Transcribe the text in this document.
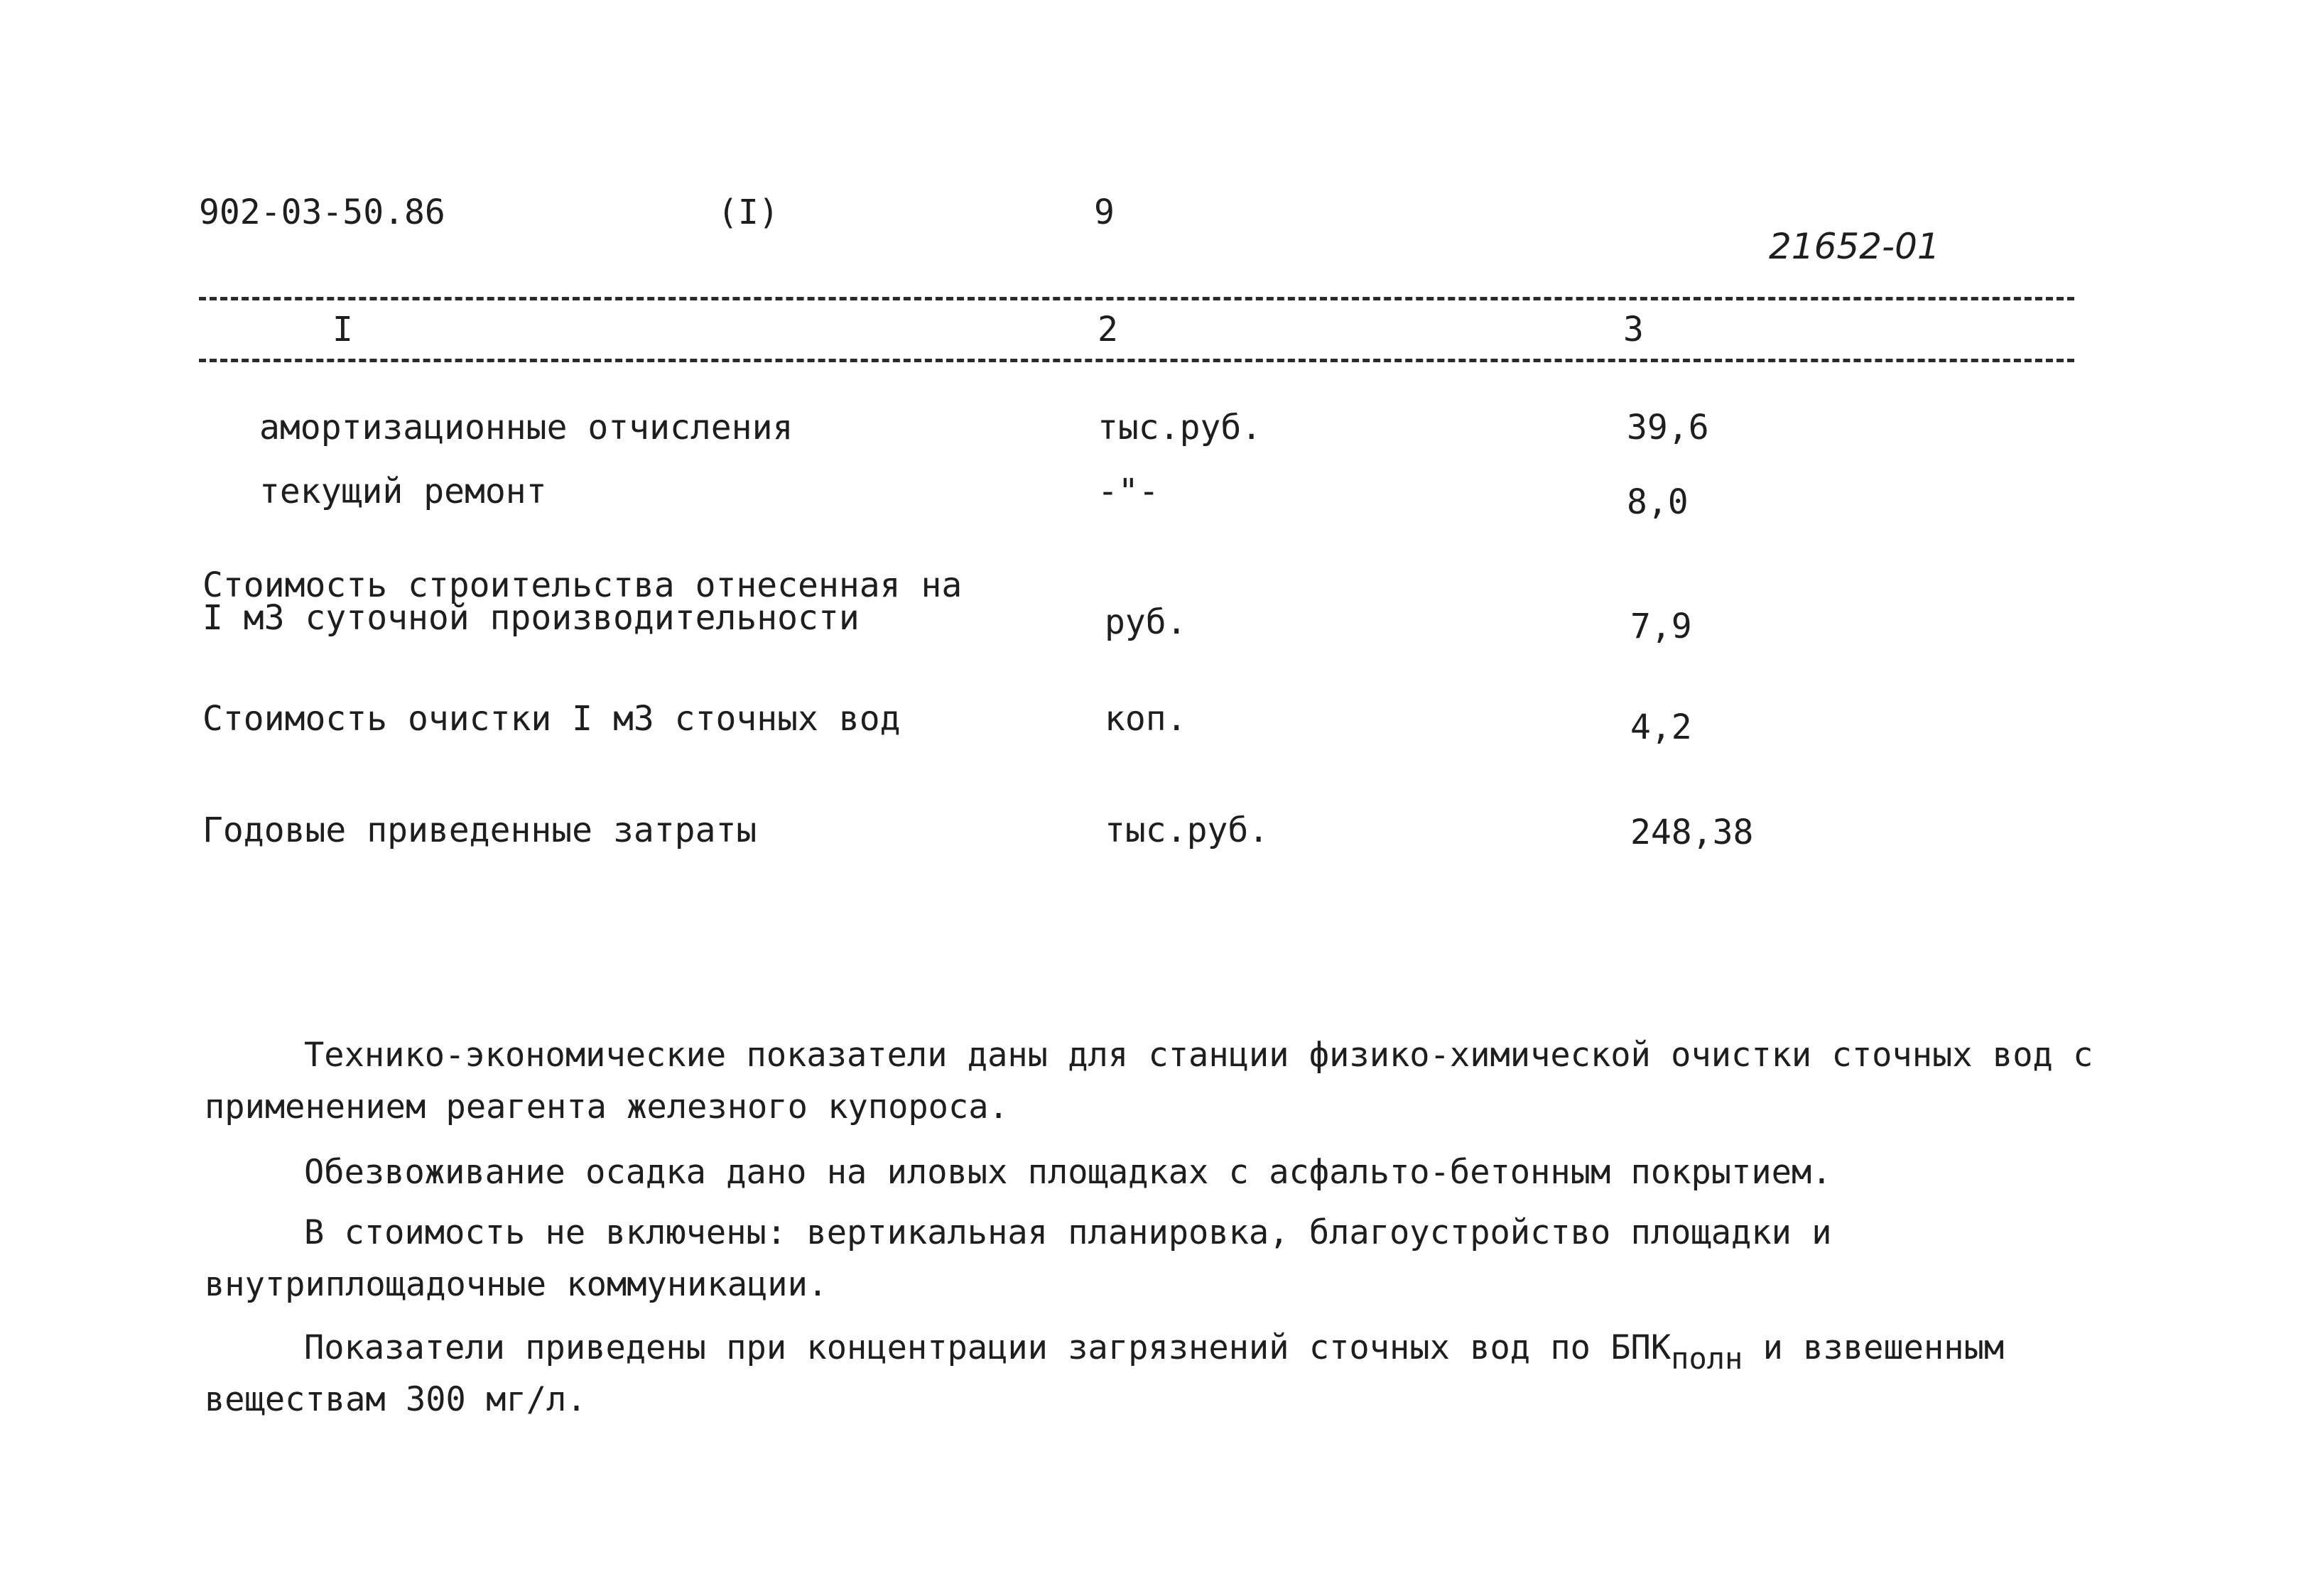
902-03-50.86	(I)	9
21652-01
I	2	3
амортизационные отчисления	тыс.руб.	39,6
текущий ремонт	-"-	8,0
Стоимость строительства отнесенная на
I м3 суточной производительности	руб.	7,9
Стоимость очистки I м3 сточных вод	коп.	4,2
Годовые приведенные затраты	тыс.руб.	248,38
Технико-экономические показатели даны для станции физико-химической очистки сточных вод с применением реагента железного купороса.
Обезвоживание осадка дано на иловых площадках с асфальто-бетонным покрытием.
В стоимость не включены: вертикальная планировка, благоустройство площадки и внутриплощадочные коммуникации.
Показатели приведены при концентрации загрязнений сточных вод по $БПК_{полн}$ и взвешенным веществам 300 мг/л.
